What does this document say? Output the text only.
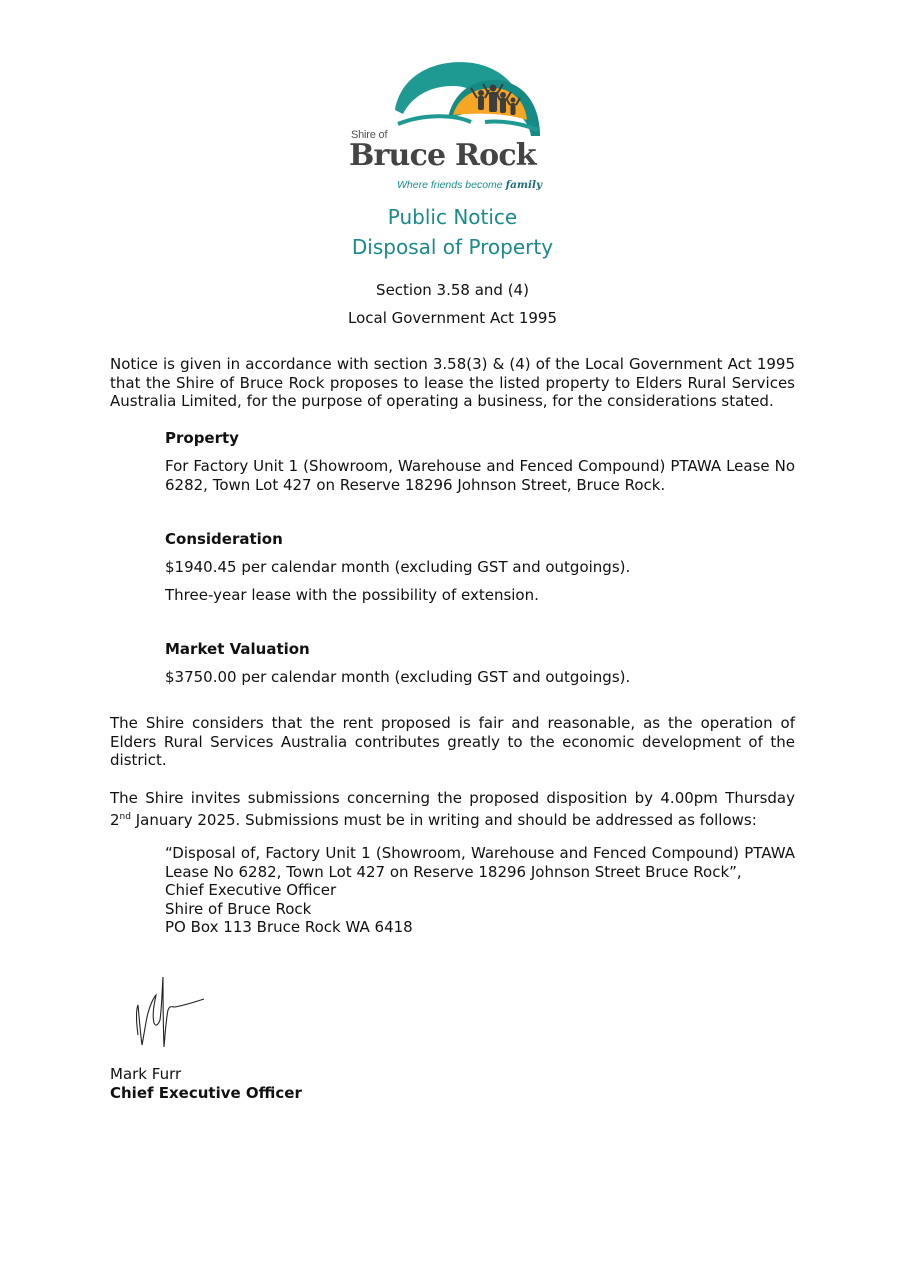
Shire of
Bruce Rock
Where friends become family
Public Notice
Disposal of Property
Section 3.58 and (4)
Local Government Act 1995
Notice is given in accordance with section 3.58(3) & (4) of the Local Government Act 1995 that the Shire of Bruce Rock proposes to lease the listed property to Elders Rural Services Australia Limited, for the purpose of operating a business, for the considerations stated.
Property
For Factory Unit 1 (Showroom, Warehouse and Fenced Compound) PTAWA Lease No 6282, Town Lot 427 on Reserve 18296 Johnson Street, Bruce Rock.
Consideration
$1940.45 per calendar month (excluding GST and outgoings).
Three-year lease with the possibility of extension.
Market Valuation
$3750.00 per calendar month (excluding GST and outgoings).
The Shire considers that the rent proposed is fair and reasonable, as the operation of Elders Rural Services Australia contributes greatly to the economic development of the district.
The Shire invites submissions concerning the proposed disposition by 4.00pm Thursday 2nd January 2025. Submissions must be in writing and should be addressed as follows:
“Disposal of, Factory Unit 1 (Showroom, Warehouse and Fenced Compound) PTAWA Lease No 6282, Town Lot 427 on Reserve 18296 Johnson Street Bruce Rock”,
Chief Executive Officer
Shire of Bruce Rock
PO Box 113 Bruce Rock WA 6418
Mark Furr
Chief Executive Officer
